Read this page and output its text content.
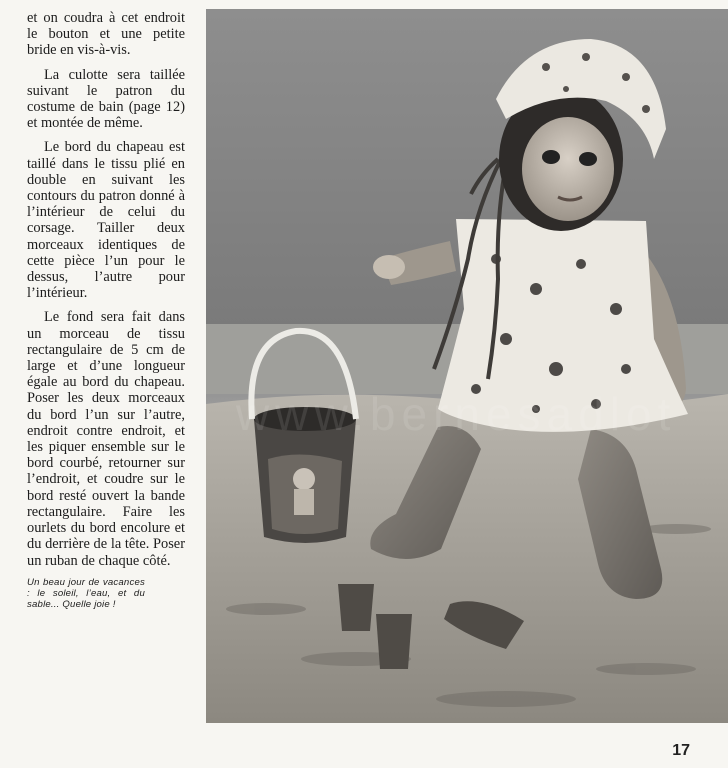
et on coudra à cet endroit le bouton et une petite bride en vis-à-vis.

La culotte sera taillée suivant le patron du costume de bain (page 12) et montée de même.

Le bord du chapeau est taillé dans le tissu plié en double en suivant les contours du patron donné à l’intérieur de celui du corsage. Tailler deux morceaux identiques de cette pièce l’un pour le dessus, l’autre pour l’intérieur.

Le fond sera fait dans un morceau de tissu rectangulaire de 5 cm de large et d’une longueur égale au bord du chapeau. Poser les deux morceaux du bord l’un sur l’autre, endroit contre endroit, et les piquer ensemble sur le bord courbé, retourner sur l’endroit, et coudre sur le bord resté ouvert la bande rectangulaire. Faire les ourlets du bord encolure et du derrière de la tête. Poser un ruban de chaque côté.

Un beau jour de vacances : le soleil, l’eau, et du sable... Quelle joie !
www.bernesadlot
17
